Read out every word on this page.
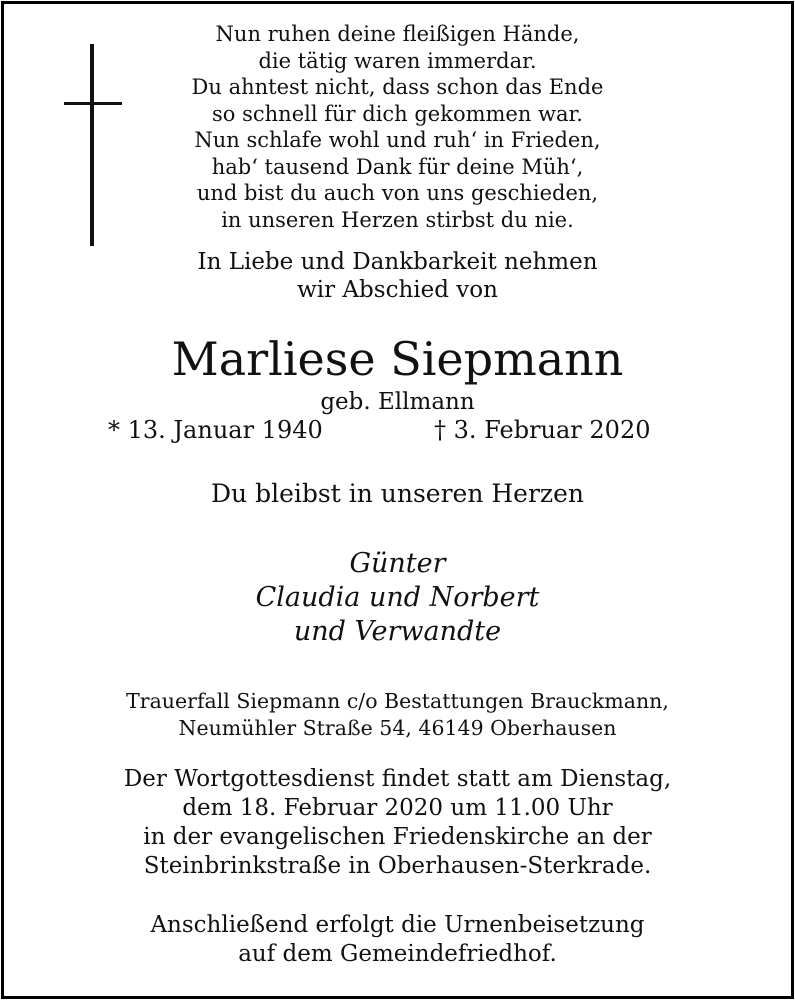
Nun ruhen deine fleißigen Hände,
die tätig waren immerdar.
Du ahntest nicht, dass schon das Ende
so schnell für dich gekommen war.
Nun schlafe wohl und ruh‘ in Frieden,
hab‘ tausend Dank für deine Müh‘,
und bist du auch von uns geschieden,
in unseren Herzen stirbst du nie.
In Liebe und Dankbarkeit nehmen
wir Abschied von
Marliese Siepmann
geb. Ellmann
* 13. Januar 1940	† 3. Februar 2020
Du bleibst in unseren Herzen
Günter
Claudia und Norbert
und Verwandte
Trauerfall Siepmann c/o Bestattungen Brauckmann,
Neumühler Straße 54, 46149 Oberhausen
Der Wortgottesdienst findet statt am Dienstag,
dem 18. Februar 2020 um 11.00 Uhr
in der evangelischen Friedenskirche an der
Steinbrinkstraße in Oberhausen-Sterkrade.
Anschließend erfolgt die Urnenbeisetzung
auf dem Gemeindefriedhof.
